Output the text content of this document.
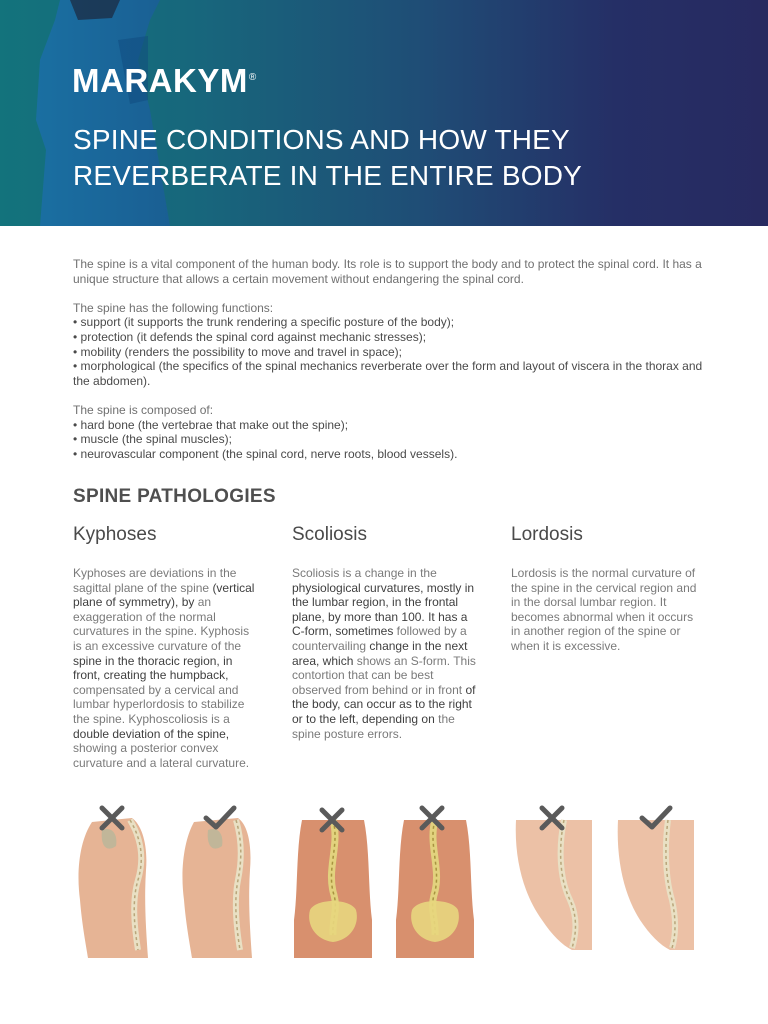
MARAKYM®
SPINE CONDITIONS AND HOW THEY
REVERBERATE IN THE ENTIRE BODY

The spine is a vital component of the human body. Its role is to support the body and to protect the spinal cord. It has a unique structure that allows a certain movement without endangering the spinal cord.

The spine has the following functions:
• support (it supports the trunk rendering a specific posture of the body);
• protection (it defends the spinal cord against mechanic stresses);
• mobility (renders the possibility to move and travel in space);
• morphological (the specifics of the spinal mechanics reverberate over the form and layout of viscera in the thorax and the abdomen).

The spine is composed of:
• hard bone (the vertebrae that make out the spine);
• muscle (the spinal muscles);
• neurovascular component (the spinal cord, nerve roots, blood vessels).

SPINE PATHOLOGIES
Kyphoses

Kyphoses are deviations in the sagittal plane of the spine (vertical plane of symmetry), by an exaggeration of the normal curvatures in the spine. Kyphosis is an excessive curvature of the spine in the thoracic region, in front, creating the humpback, compensated by a cervical and lumbar hyperlordosis to stabilize the spine. Kyphoscoliosis is a double deviation of the spine, showing a posterior convex curvature and a lateral curvature.

Scoliosis

Scoliosis is a change in the physiological curvatures, mostly in the lumbar region, in the frontal plane, by more than 100. It has a C-form, sometimes followed by a countervailing change in the next area, which shows an S-form. This contortion that can be best observed from behind or in front of the body, can occur as to the right or to the left, depending on the spine posture errors.

Lordosis

Lordosis is the normal curvature of the spine in the cervical region and in the dorsal lumbar region. It becomes abnormal when it occurs in another region of the spine or when it is excessive.
